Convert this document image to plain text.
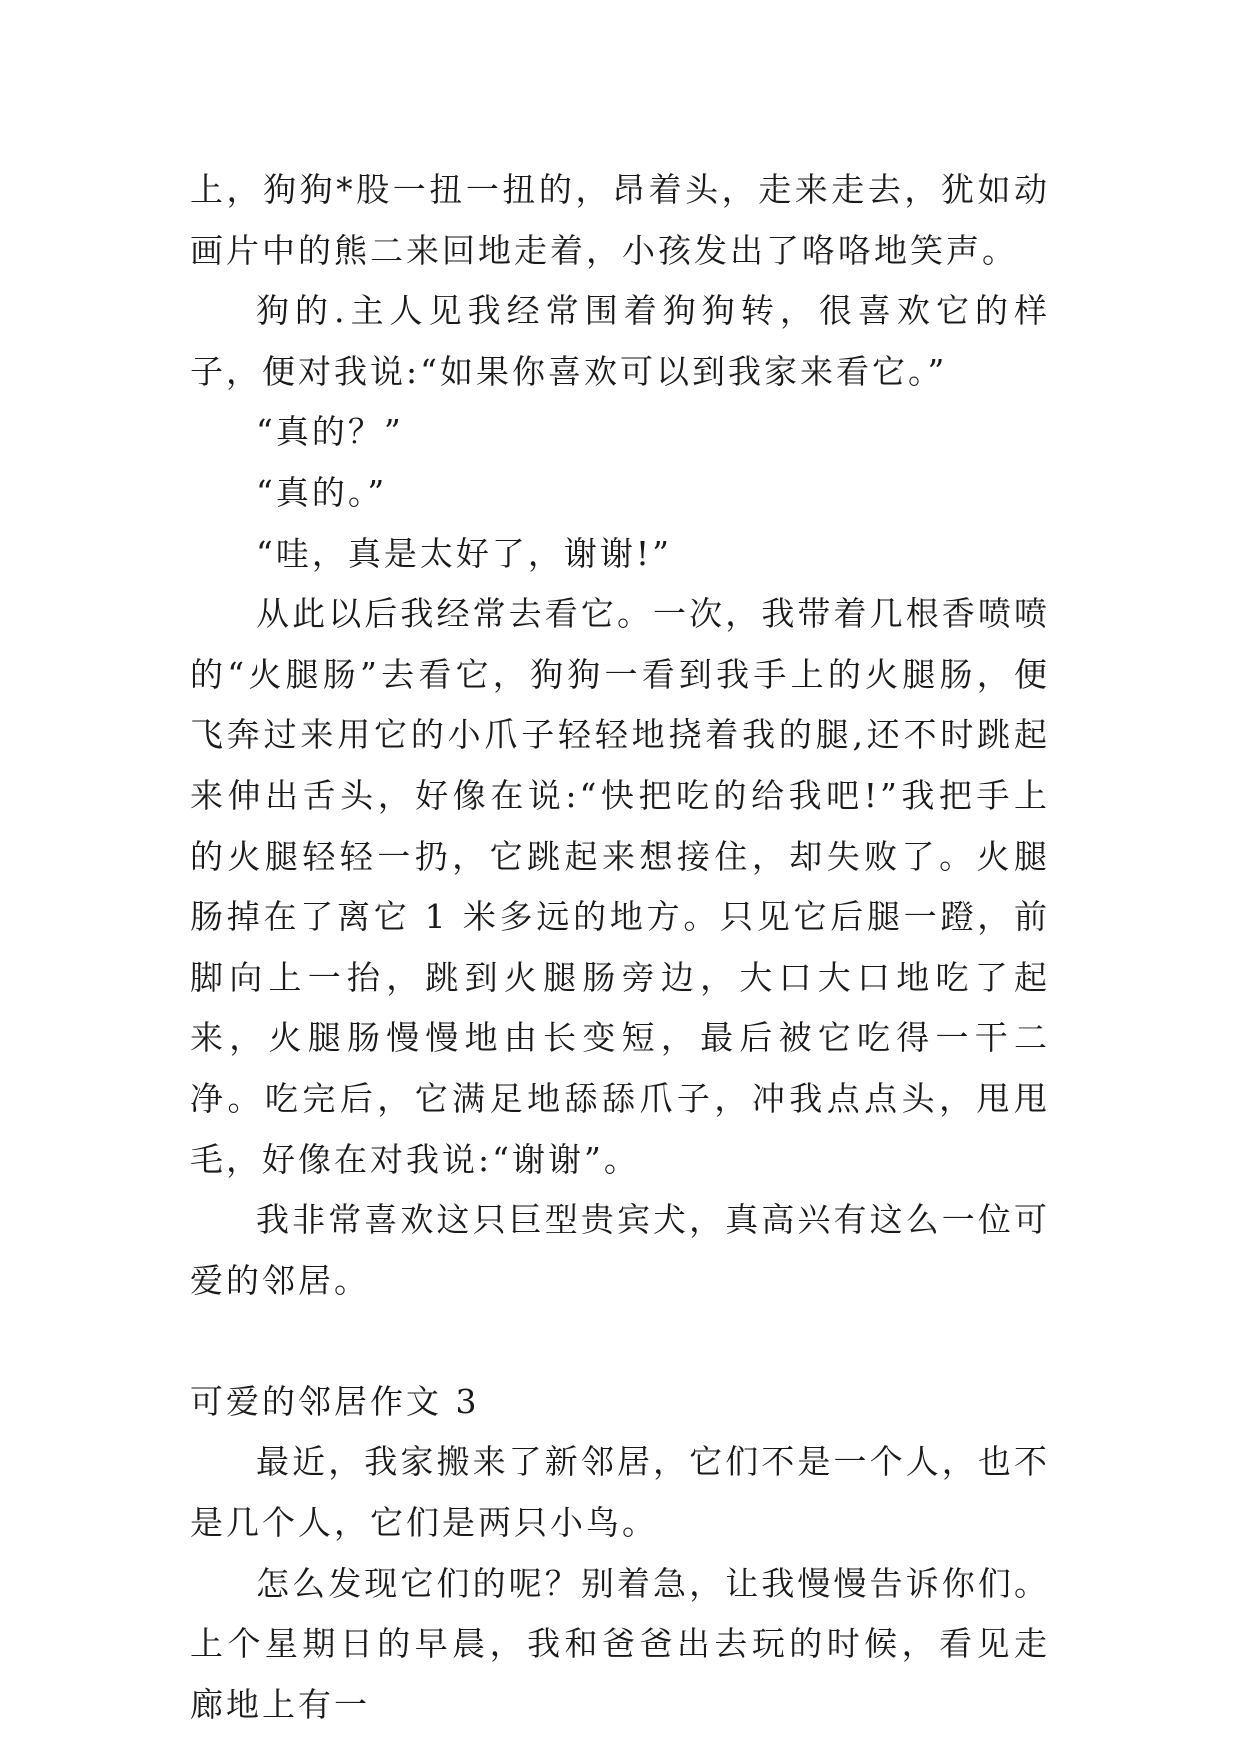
上，狗狗*股一扭一扭的，昂着头，走来走去，犹如动画片中的熊二来回地走着，小孩发出了咯咯地笑声。

狗的.主人见我经常围着狗狗转，很喜欢它的样子，便对我说:“如果你喜欢可以到我家来看它。”

“真的？”

“真的。”

“哇，真是太好了，谢谢!”

从此以后我经常去看它。一次，我带着几根香喷喷的“火腿肠”去看它，狗狗一看到我手上的火腿肠，便飞奔过来用它的小爪子轻轻地挠着我的腿,还不时跳起来伸出舌头，好像在说:“快把吃的给我吧!”我把手上的火腿轻轻一扔，它跳起来想接住，却失败了。火腿肠掉在了离它 1 米多远的地方。只见它后腿一蹬，前脚向上一抬，跳到火腿肠旁边，大口大口地吃了起来，火腿肠慢慢地由长变短，最后被它吃得一干二净。吃完后，它满足地舔舔爪子，冲我点点头，甩甩毛，好像在对我说:“谢谢”。

我非常喜欢这只巨型贵宾犬，真高兴有这么一位可爱的邻居。

可爱的邻居作文 3

最近，我家搬来了新邻居，它们不是一个人，也不是几个人，它们是两只小鸟。

怎么发现它们的呢？别着急，让我慢慢告诉你们。上个星期日的早晨，我和爸爸出去玩的时候，看见走廊地上有一
